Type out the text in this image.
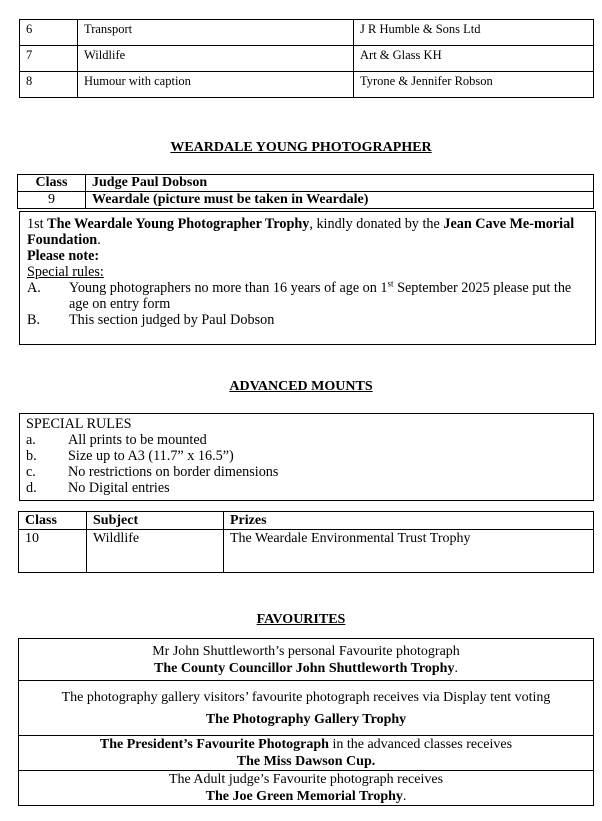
6	Transport	J R Humble & Sons Ltd
7	Wildlife	Art & Glass KH
8	Humour with caption	Tyrone & Jennifer Robson
WEARDALE YOUNG PHOTOGRAPHER
Class	Judge Paul Dobson
9	Weardale (picture must be taken in Weardale)
1st The Weardale Young Photographer Trophy, kindly donated by the Jean Cave Me-morial Foundation.
Please note:
Special rules:
A. Young photographers no more than 16 years of age on 1st September 2025 please put the age on entry form
B. This section judged by Paul Dobson
ADVANCED MOUNTS
SPECIAL RULES
a. All prints to be mounted
b. Size up to A3 (11.7” x 16.5”)
c. No restrictions on border dimensions
d. No Digital entries
Class	Subject	Prizes
10	Wildlife	The Weardale Environmental Trust Trophy
FAVOURITES
Mr John Shuttleworth’s personal Favourite photograph
The County Councillor John Shuttleworth Trophy.

The photography gallery visitors’ favourite photograph receives via Display tent voting
The Photography Gallery Trophy

The President’s Favourite Photograph in the advanced classes receives
The Miss Dawson Cup.

The Adult judge’s Favourite photograph receives
The Joe Green Memorial Trophy.
